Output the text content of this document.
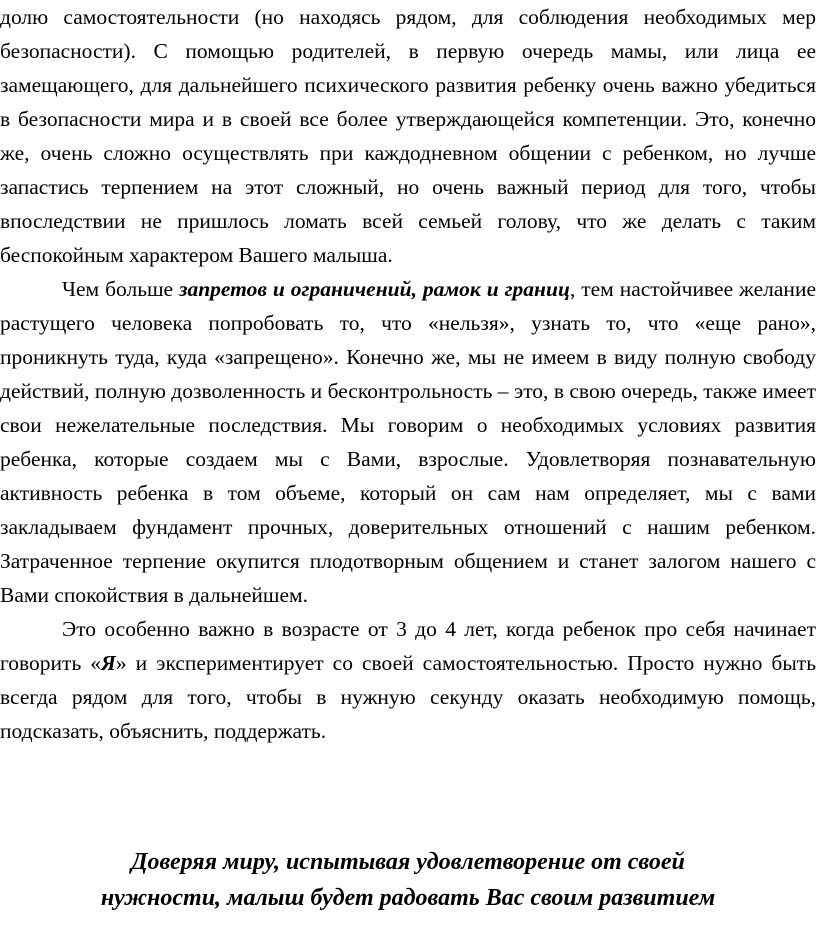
долю самостоятельности (но находясь рядом, для соблюдения необходимых мер безопасности). С помощью родителей, в первую очередь мамы, или лица ее замещающего, для дальнейшего психического развития ребенку очень важно убедиться в безопасности мира и в своей все более утверждающейся компетенции. Это, конечно же, очень сложно осуществлять при каждодневном общении с ребенком, но лучше запастись терпением на этот сложный, но очень важный период для того, чтобы впоследствии не пришлось ломать всей семьей голову, что же делать с таким беспокойным характером Вашего малыша.

Чем больше запретов и ограничений, рамок и границ, тем настойчивее желание растущего человека попробовать то, что «нельзя», узнать то, что «еще рано», проникнуть туда, куда «запрещено». Конечно же, мы не имеем в виду полную свободу действий, полную дозволенность и бесконтрольность – это, в свою очередь, также имеет свои нежелательные последствия. Мы говорим о необходимых условиях развития ребенка, которые создаем мы с Вами, взрослые. Удовлетворяя познавательную активность ребенка в том объеме, который он сам нам определяет, мы с вами закладываем фундамент прочных, доверительных отношений с нашим ребенком. Затраченное терпение окупится плодотворным общением и станет залогом нашего с Вами спокойствия в дальнейшем.

Это особенно важно в возрасте от 3 до 4 лет, когда ребенок про себя начинает говорить «Я» и экспериментирует со своей самостоятельностью. Просто нужно быть всегда рядом для того, чтобы в нужную секунду оказать необходимую помощь, подсказать, объяснить, поддержать.

Доверяя миру, испытывая удовлетворение от своей
нужности, малыш будет радовать Вас своим развитием
